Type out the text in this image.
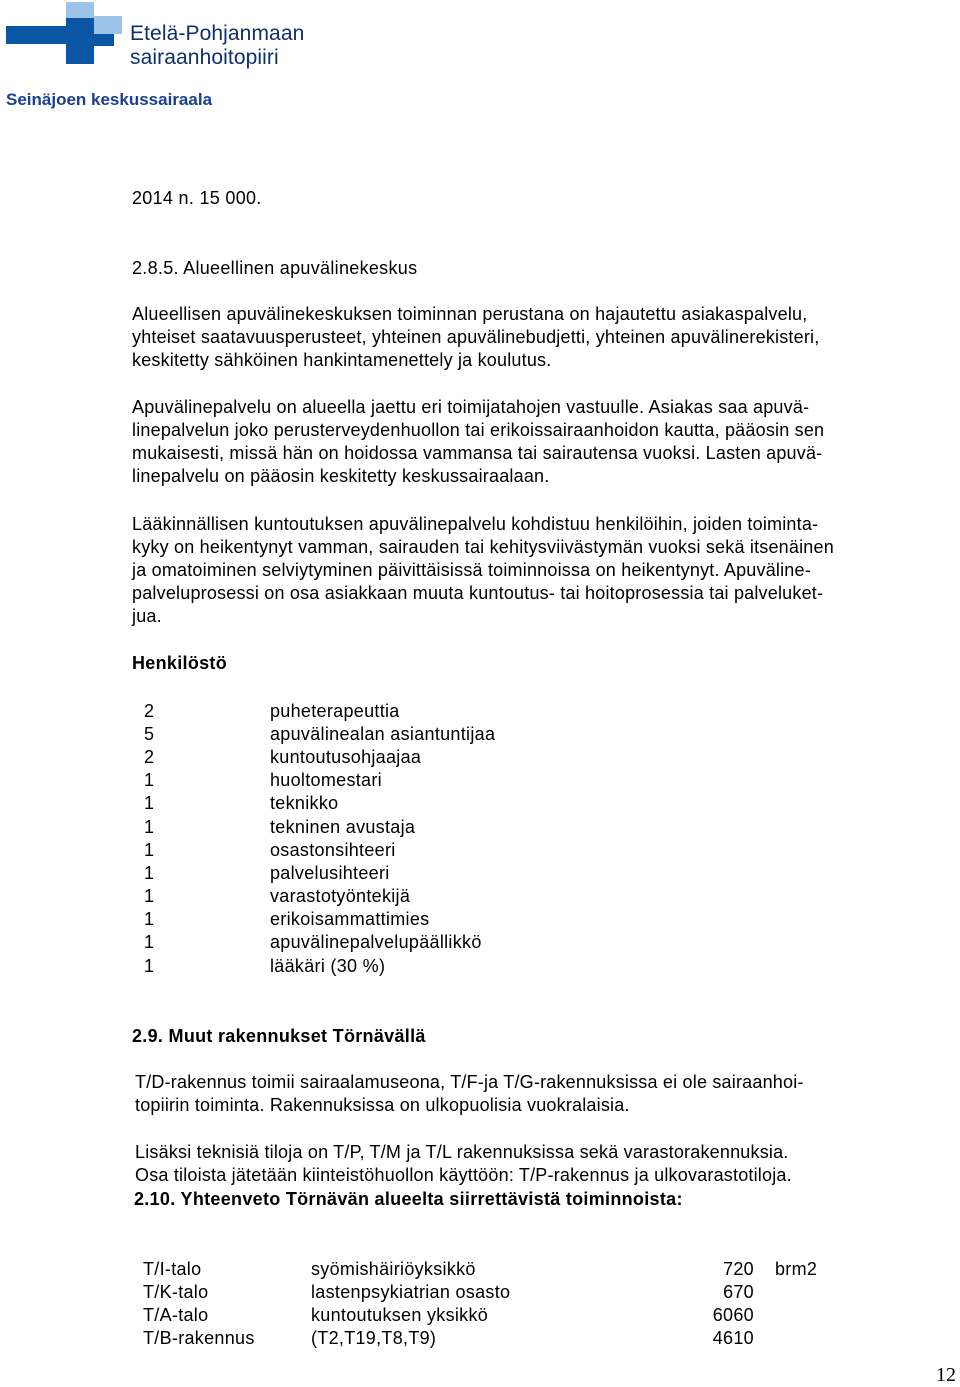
Etelä-Pohjanmaan
sairaanhoitopiiri
Seinäjoen keskussairaala
2014 n. 15 000.
2.8.5. Alueellinen apuvälinekeskus
Alueellisen apuvälinekeskuksen toiminnan perustana on hajautettu asiakaspalvelu,
yhteiset saatavuusperusteet, yhteinen apuvälinebudjetti, yhteinen apuvälinerekisteri,
keskitetty sähköinen hankintamenettely ja koulutus.
Apuvälinepalvelu on alueella jaettu eri toimijatahojen vastuulle. Asiakas saa apuvä-
linepalvelun joko perusterveydenhuollon tai erikoissairaanhoidon kautta, pääosin sen
mukaisesti, missä hän on hoidossa vammansa tai sairautensa vuoksi. Lasten apuvä-
linepalvelu on pääosin keskitetty keskussairaalaan.
Lääkinnällisen kuntoutuksen apuvälinepalvelu kohdistuu henkilöihin, joiden toiminta-
kyky on heikentynyt vamman, sairauden tai kehitysviivästymän vuoksi sekä itsenäinen
ja omatoiminen selviytyminen päivittäisissä toiminnoissa on heikentynyt. Apuväline-
palveluprosessi on osa asiakkaan muuta kuntoutus- tai hoitoprosessia tai palveluket-
jua.
Henkilöstö
2	puheterapeuttia
5	apuvälinealan asiantuntijaa
2	kuntoutusohjaajaa
1	huoltomestari
1	teknikko
1	tekninen avustaja
1	osastonsihteeri
1	palvelusihteeri
1	varastotyöntekijä
1	erikoisammattimies
1	apuvälinepalvelupäällikkö
1	lääkäri (30 %)
2.9. Muut rakennukset Törnävällä
T/D-rakennus toimii sairaalamuseona, T/F-ja T/G-rakennuksissa ei ole sairaanhoi-
topiirin toiminta. Rakennuksissa on ulkopuolisia vuokralaisia.
Lisäksi teknisiä tiloja on T/P, T/M ja T/L rakennuksissa sekä varastorakennuksia.
Osa tiloista jätetään kiinteistöhuollon käyttöön: T/P-rakennus ja ulkovarastotiloja.
2.10. Yhteenveto Törnävän alueelta siirrettävistä toiminnoista:
T/I-talo	syömishäiriöyksikkö	720 brm2
T/K-talo	lastenpsykiatrian osasto	670
T/A-talo	kuntoutuksen yksikkö	6060
T/B-rakennus	(T2,T19,T8,T9)	4610
12
